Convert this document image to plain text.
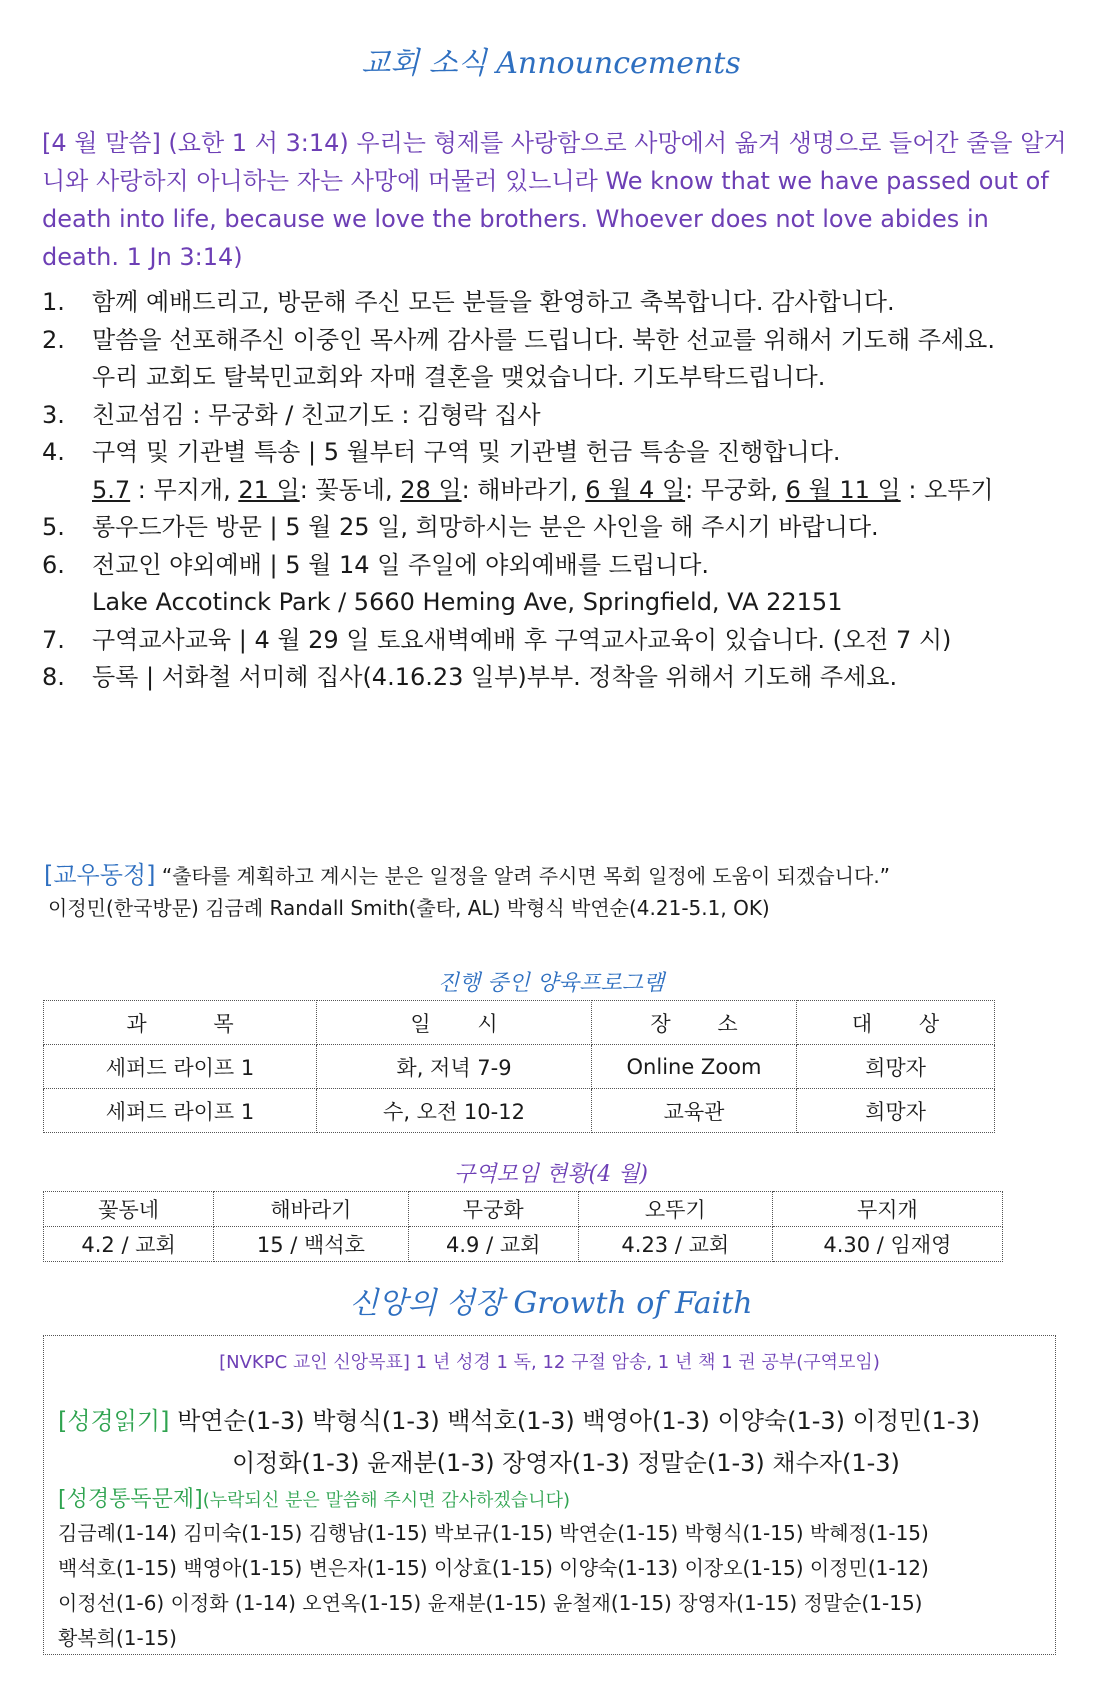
교회 소식 Announcements
[4 월 말씀] (요한 1 서 3:14) 우리는 형제를 사랑함으로 사망에서 옮겨 생명으로 들어간 줄을 알거니와 사랑하지 아니하는 자는 사망에 머물러 있느니라 We know that we have passed out of death into life, because we love the brothers. Whoever does not love abides in death. 1 Jn 3:14)
1. 함께 예배드리고, 방문해 주신 모든 분들을 환영하고 축복합니다. 감사합니다.
2. 말씀을 선포해주신 이중인 목사께 감사를 드립니다. 북한 선교를 위해서 기도해 주세요.
우리 교회도 탈북민교회와 자매 결혼을 맺었습니다. 기도부탁드립니다.
3. 친교섬김 : 무궁화 / 친교기도 : 김형락 집사
4. 구역 및 기관별 특송 | 5 월부터 구역 및 기관별 헌금 특송을 진행합니다.
5.7 : 무지개, 21 일: 꽃동네, 28 일: 해바라기, 6 월 4 일: 무궁화, 6 월 11 일 : 오뚜기
5. 롱우드가든 방문 | 5 월 25 일, 희망하시는 분은 사인을 해 주시기 바랍니다.
6. 전교인 야외예배 | 5 월 14 일 주일에 야외예배를 드립니다.
Lake Accotinck Park / 5660 Heming Ave, Springfield, VA 22151
7. 구역교사교육 | 4 월 29 일 토요새벽예배 후 구역교사교육이 있습니다. (오전 7 시)
8. 등록 | 서화철 서미혜 집사(4.16.23 일부)부부. 정착을 위해서 기도해 주세요.
[교우동정] “출타를 계획하고 계시는 분은 일정을 알려 주시면 목회 일정에 도움이 되겠습니다.”
이정민(한국방문) 김금례 Randall Smith(출타, AL) 박형식 박연순(4.21-5.1, OK)
진행 중인 양육프로그램
과          목	일       시	장       소	대       상
세퍼드 라이프 1	화, 저녁 7-9	Online Zoom	희망자
세퍼드 라이프 1	수, 오전 10-12	교육관	희망자
구역모임 현황(4 월)
꽃동네	해바라기	무궁화	오뚜기	무지개
4.2 / 교회	15 / 백석호	4.9 / 교회	4.23 / 교회	4.30 / 임재영
신앙의 성장 Growth of Faith
[NVKPC 교인 신앙목표] 1 년 성경 1 독, 12 구절 암송, 1 년 책 1 권 공부(구역모임)
[성경읽기] 박연순(1-3) 박형식(1-3) 백석호(1-3) 백영아(1-3) 이양숙(1-3) 이정민(1-3)
이정화(1-3) 윤재분(1-3) 장영자(1-3) 정말순(1-3) 채수자(1-3)
[성경통독문제](누락되신 분은 말씀해 주시면 감사하겠습니다)
김금례(1-14) 김미숙(1-15) 김행남(1-15) 박보규(1-15) 박연순(1-15) 박형식(1-15) 박혜정(1-15)
백석호(1-15) 백영아(1-15) 변은자(1-15) 이상효(1-15) 이양숙(1-13) 이장오(1-15) 이정민(1-12)
이정선(1-6) 이정화 (1-14) 오연옥(1-15) 윤재분(1-15) 윤철재(1-15) 장영자(1-15) 정말순(1-15)
황복희(1-15)
